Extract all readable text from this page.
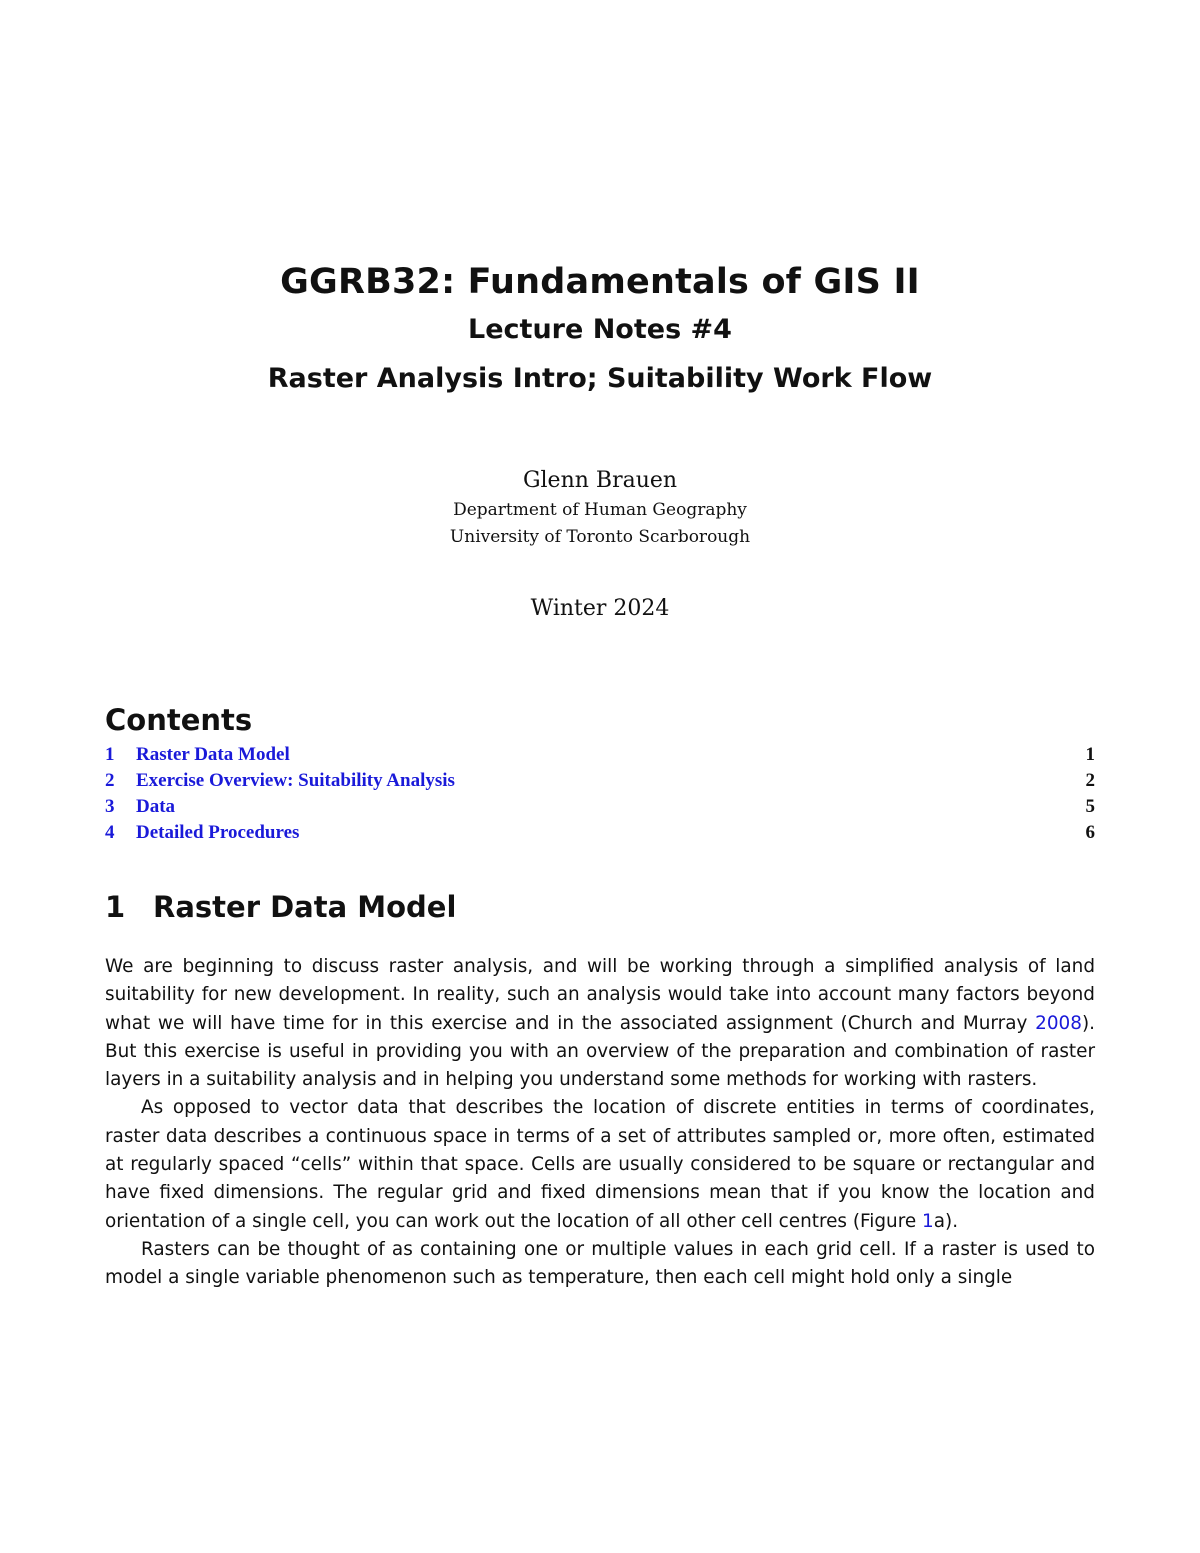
GGRB32: Fundamentals of GIS II
Lecture Notes #4
Raster Analysis Intro; Suitability Work Flow
Glenn Brauen
Department of Human Geography
University of Toronto Scarborough
Winter 2024
Contents
1	Raster Data Model	1
2	Exercise Overview: Suitability Analysis	2
3	Data	5
4	Detailed Procedures	6
1 Raster Data Model

We are beginning to discuss raster analysis, and will be working through a simplified analysis of land suitability for new development. In reality, such an analysis would take into account many factors beyond what we will have time for in this exercise and in the associated assignment (Church and Murray 2008). But this exercise is useful in providing you with an overview of the preparation and combination of raster layers in a suitability analysis and in helping you understand some methods for working with rasters.

As opposed to vector data that describes the location of discrete entities in terms of coordinates, raster data describes a continuous space in terms of a set of attributes sampled or, more often, estimated at regularly spaced “cells” within that space. Cells are usually considered to be square or rectangular and have fixed dimensions. The regular grid and fixed dimensions mean that if you know the location and orientation of a single cell, you can work out the location of all other cell centres (Figure 1a).

Rasters can be thought of as containing one or multiple values in each grid cell. If a raster is used to model a single variable phenomenon such as temperature, then each cell might hold only a single
